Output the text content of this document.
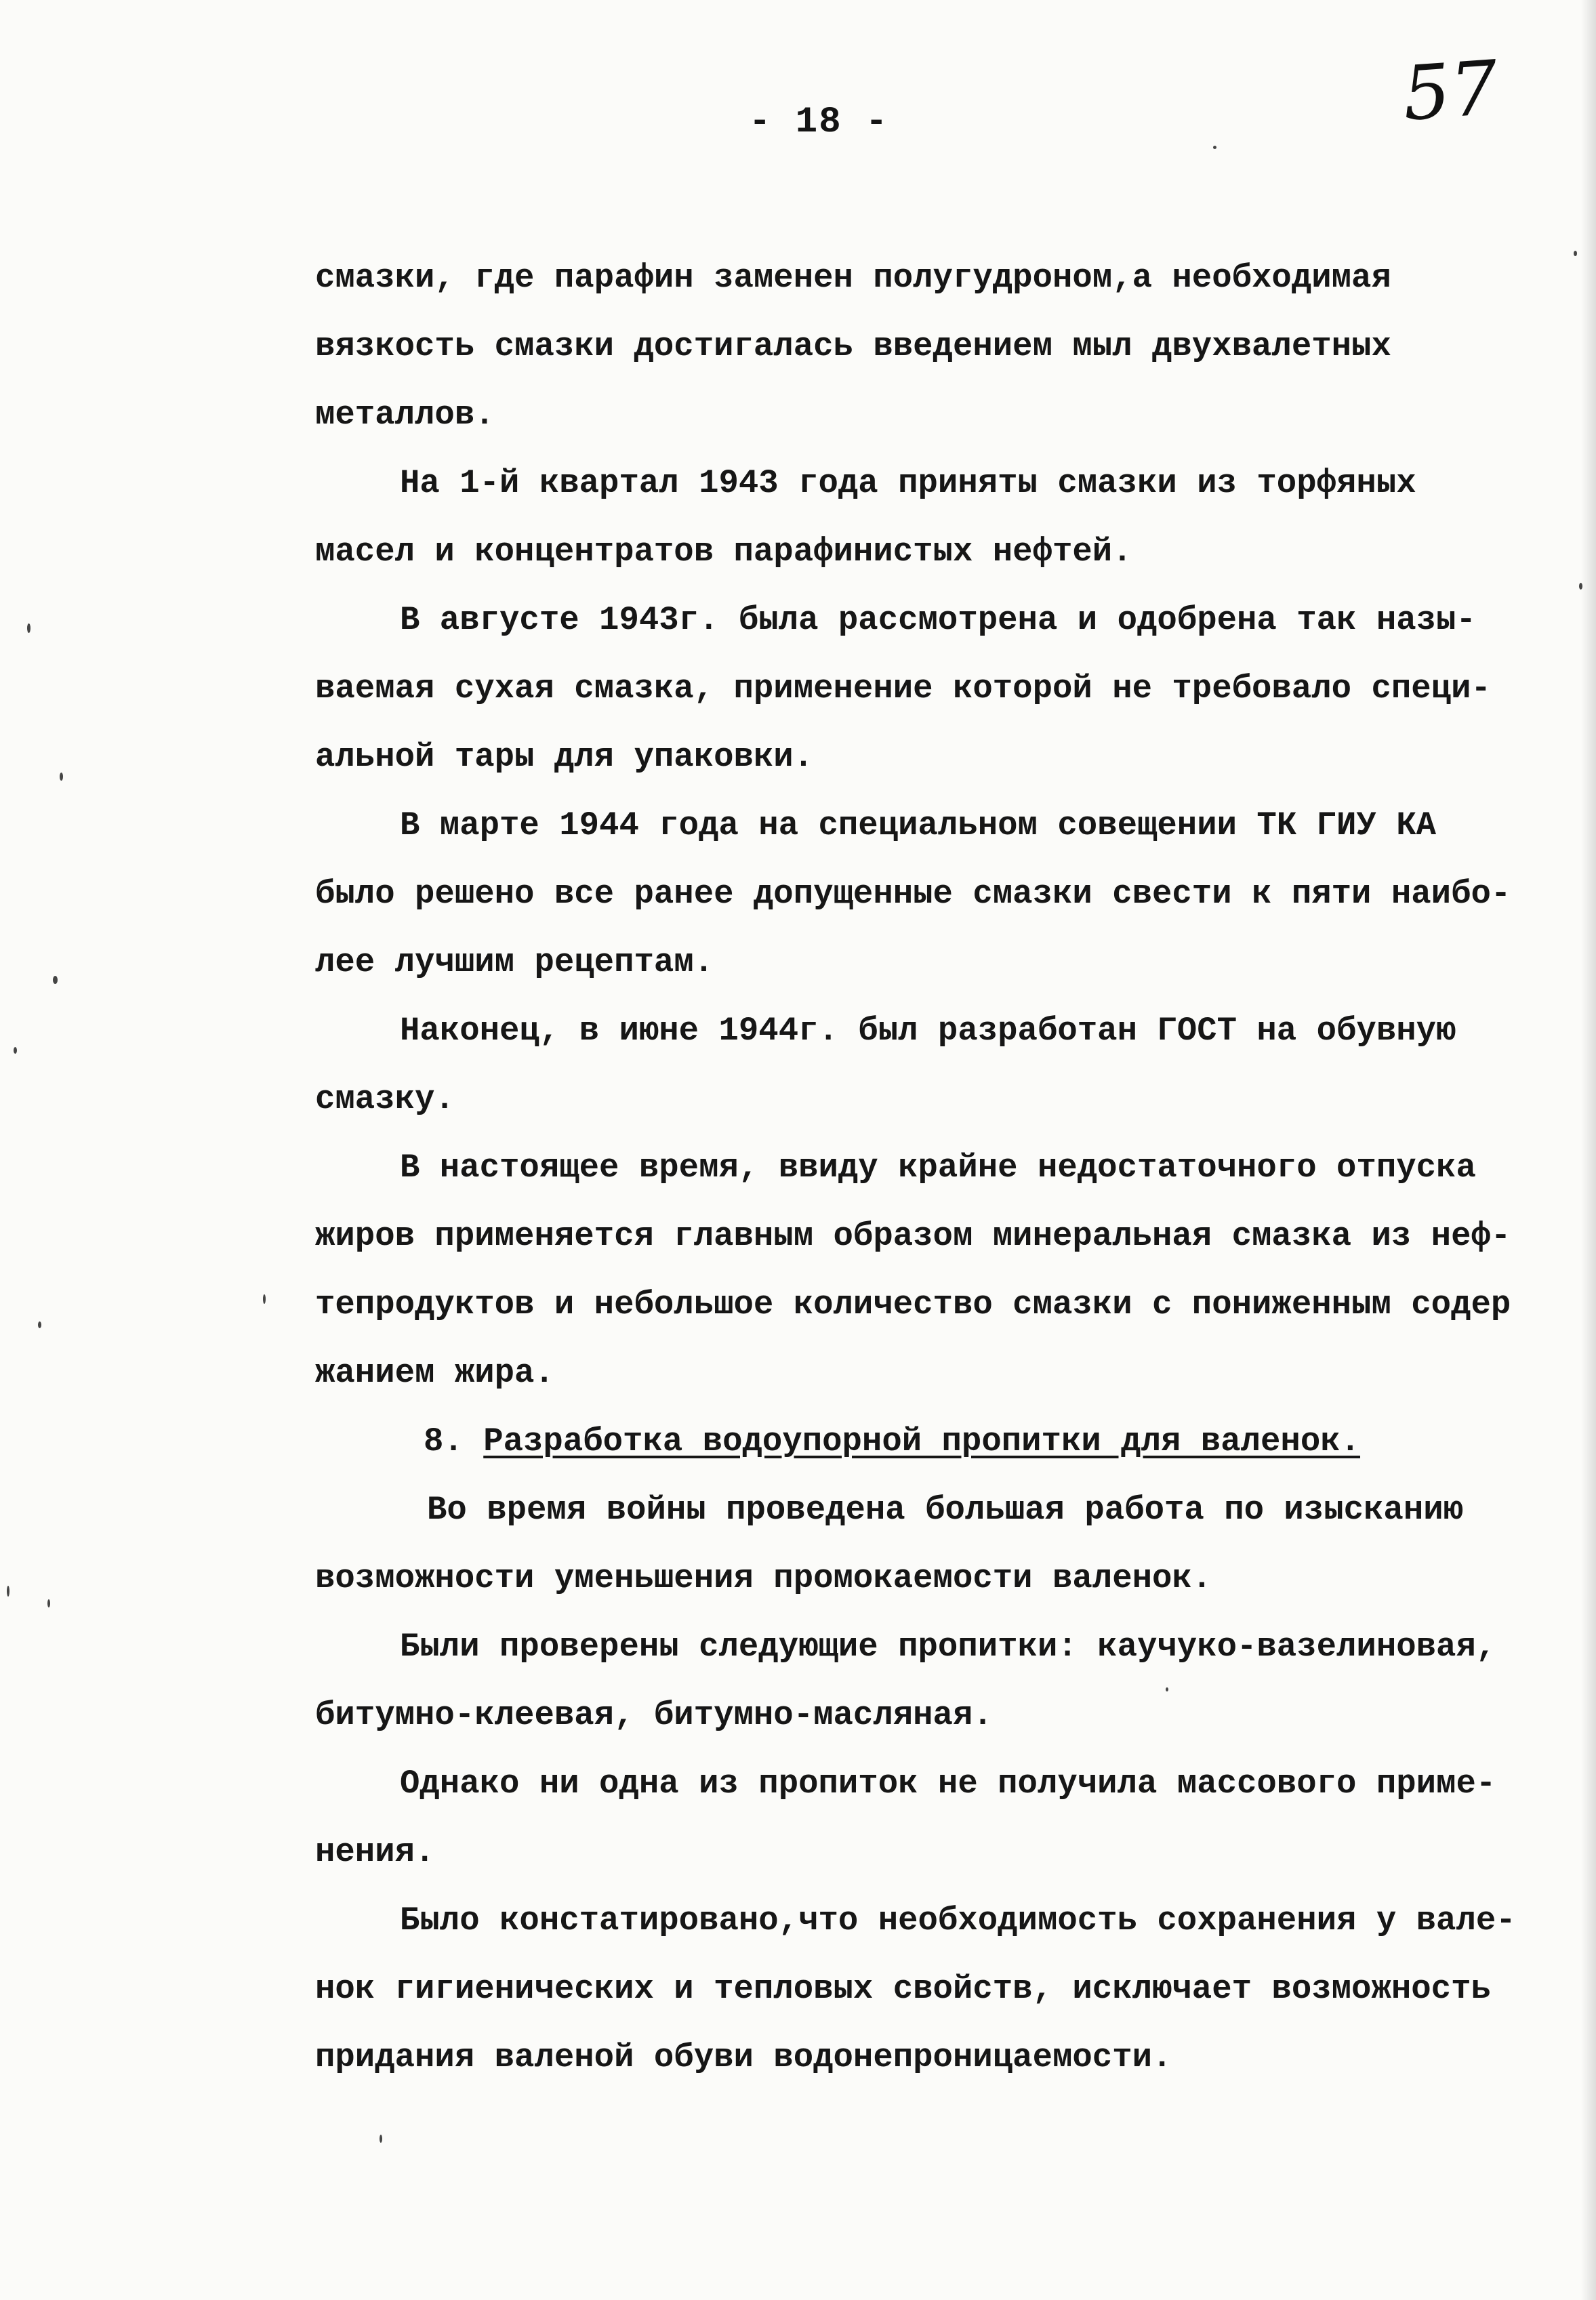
57
- 18 -
смазки, где парафин заменен полугудроном,а необходимая
вязкость смазки достигалась введением мыл двухвалетных
металлов.
На 1-й квартал 1943 года приняты смазки из торфяных
масел и концентратов парафинистых нефтей.
В августе 1943г. была рассмотрена и одобрена так назы-
ваемая сухая смазка, применение которой не требовало специ-
альной тары для упаковки.
В марте 1944 года на специальном совещении ТК ГИУ КА
было решено все ранее допущенные смазки свести к пяти наибо-
лее лучшим рецептам.
Наконец, в июне 1944г. был разработан ГОСТ на обувную
смазку.
В настоящее время, ввиду крайне недостаточного отпуска
жиров применяется главным образом минеральная смазка из неф-
тепродуктов и небольшое количество смазки с пониженным содер
жанием жира.
8. Разработка водоупорной пропитки для валенок.
Во время войны проведена большая работа по изысканию
возможности уменьшения промокаемости валенок.
Были проверены следующие пропитки: каучуко-вазелиновая,
битумно-клеевая, битумно-масляная.
Однако ни одна из пропиток не получила массового приме-
нения.
Было констатировано,что необходимость сохранения у вале-
нок гигиенических и тепловых свойств, исключает возможность
придания валеной обуви водонепроницаемости.
